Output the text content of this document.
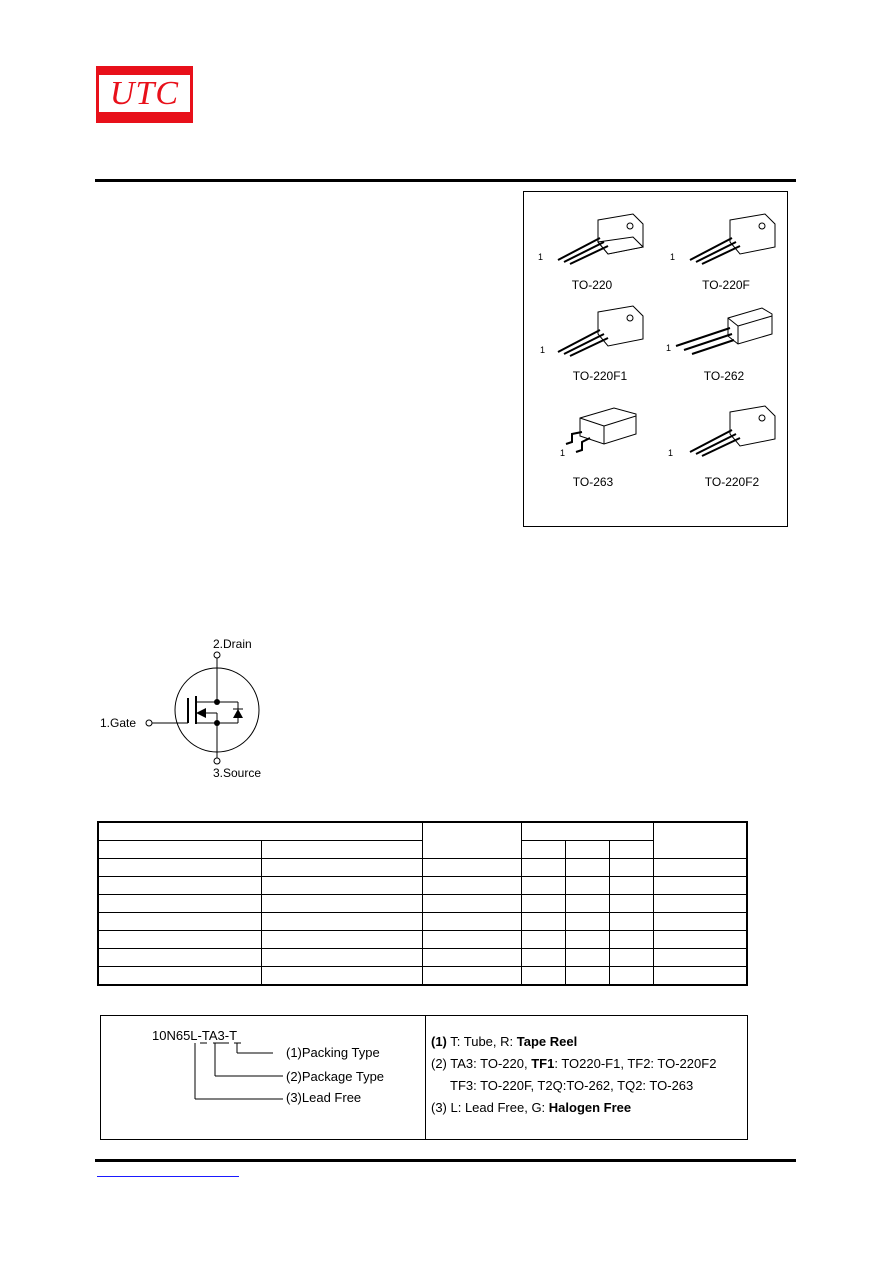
UTC
1
TO-220
1
TO-220F
1
TO-220F1
1
TO-262
1
TO-263
1
TO-220F2
2.Drain
1.Gate
3.Source

10N65L-TA3-T
(1)Packing Type
(2)Package Type
(3)Lead Free
(1) T: Tube, R: Tape Reel
(2) TA3: TO-220, TF1: TO220-F1, TF2: TO-220F2
TF3: TO-220F, T2Q:TO-262, TQ2: TO-263
(3) L: Lead Free, G: Halogen Free
